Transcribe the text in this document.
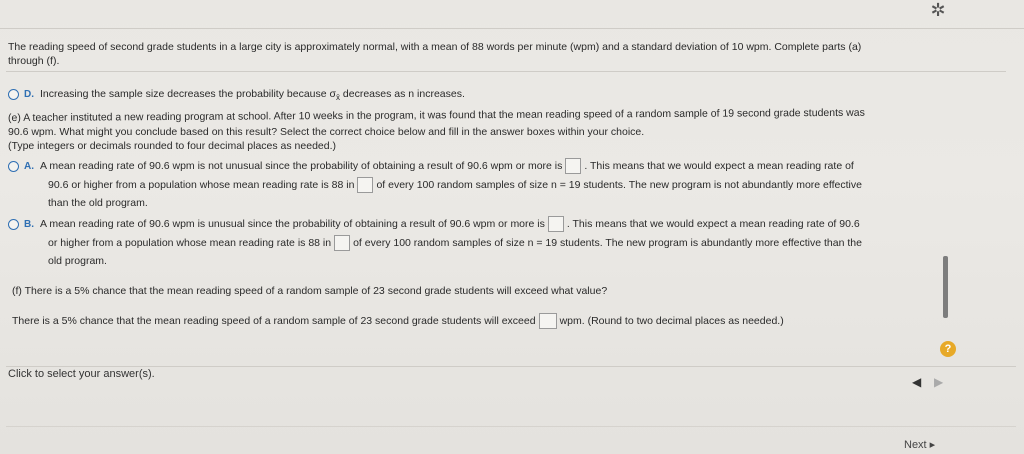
✲
The reading speed of second grade students in a large city is approximately normal, with a mean of 88 words per minute (wpm) and a standard deviation of 10 wpm. Complete parts (a)
through (f).
D. Increasing the sample size decreases the probability because $\sigma_{x̄}$ decreases as n increases.
(e) A teacher instituted a new reading program at school. After 10 weeks in the program, it was found that the mean reading speed of a random sample of 19 second grade students was
90.6 wpm. What might you conclude based on this result? Select the correct choice below and fill in the answer boxes within your choice.
(Type integers or decimals rounded to four decimal places as needed.)
A. A mean reading rate of 90.6 wpm is not unusual since the probability of obtaining a result of 90.6 wpm or more is . This means that we would expect a mean reading rate of
90.6 or higher from a population whose mean reading rate is 88 in of every 100 random samples of size n = 19 students. The new program is not abundantly more effective
than the old program.
B. A mean reading rate of 90.6 wpm is unusual since the probability of obtaining a result of 90.6 wpm or more is . This means that we would expect a mean reading rate of 90.6
or higher from a population whose mean reading rate is 88 in of every 100 random samples of size n = 19 students. The new program is abundantly more effective than the
old program.
(f) There is a 5% chance that the mean reading speed of a random sample of 23 second grade students will exceed what value?
There is a 5% chance that the mean reading speed of a random sample of 23 second grade students will exceed wpm. (Round to two decimal places as needed.)
?
Click to select your answer(s).
◀ ▶
Next ▸
